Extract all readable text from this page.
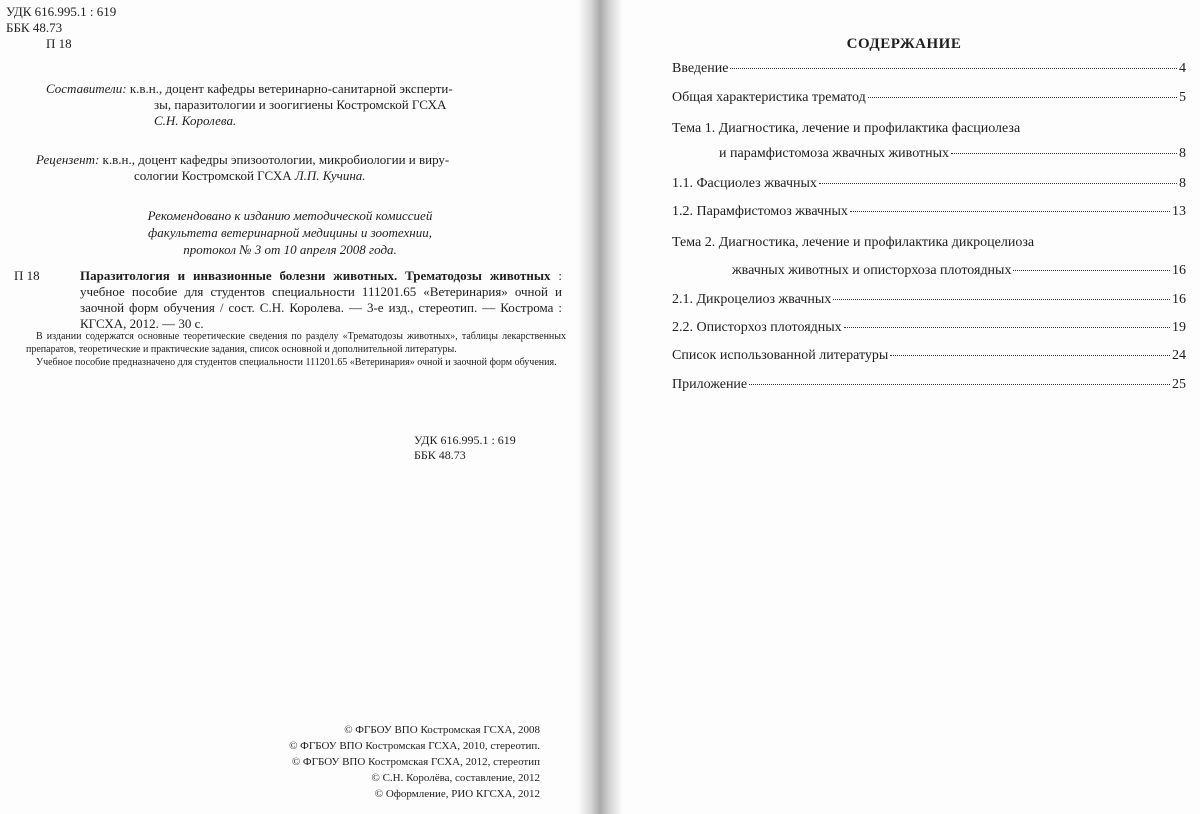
УДК 616.995.1 : 619
ББК 48.73
П 18
Составители: к.в.н., доцент кафедры ветеринарно-санитарной эксперти-
зы, паразитологии и зоогигиены Костромской ГСХА
С.Н. Королева.
Рецензент: к.в.н., доцент кафедры эпизоотологии, микробиологии и виру-
сологии Костромской ГСХА Л.П. Кучина.
Рекомендовано к изданию методической комиссией
факультета ветеринарной медицины и зоотехнии,
протокол № 3 от 10 апреля 2008 года.
П 18	Паразитология и инвазионные болезни животных. Трематодозы животных : учебное пособие для студентов специальности 111201.65 «Ветеринария» очной и заочной форм обучения / сост. С.Н. Королева. — 3-е изд., стереотип. — Кострома : КГСХА, 2012. — 30 с.

В издании содержатся основные теоретические сведения по разделу «Трематодозы животных», таблицы лекарственных препаратов, теоретические и практические задания, список основной и дополнительной литературы.

Учебное пособие предназначено для студентов специальности 111201.65 «Ветеринария» очной и заочной форм обучения.

УДК 616.995.1 : 619
ББК 48.73
© ФГБОУ ВПО Костромская ГСХА, 2008
© ФГБОУ ВПО Костромская ГСХА, 2010, стереотип.
© ФГБОУ ВПО Костромская ГСХА, 2012, стереотип
© С.Н. Королёва, составление, 2012
© Оформление, РИО КГСХА, 2012
СОДЕРЖАНИЕ
Введение	4
Общая характеристика трематод	5
Тема 1. Диагностика, лечение и профилактика фасциолеза
и парамфистомоза жвачных животных	8
1.1. Фасциолез жвачных	8
1.2. Парамфистомоз жвачных	13
Тема 2. Диагностика, лечение и профилактика дикроцелиоза
жвачных животных и описторхоза плотоядных	16
2.1. Дикроцелиоз жвачных	16
2.2. Описторхоз плотоядных	19
Список использованной литературы	24
Приложение	25
